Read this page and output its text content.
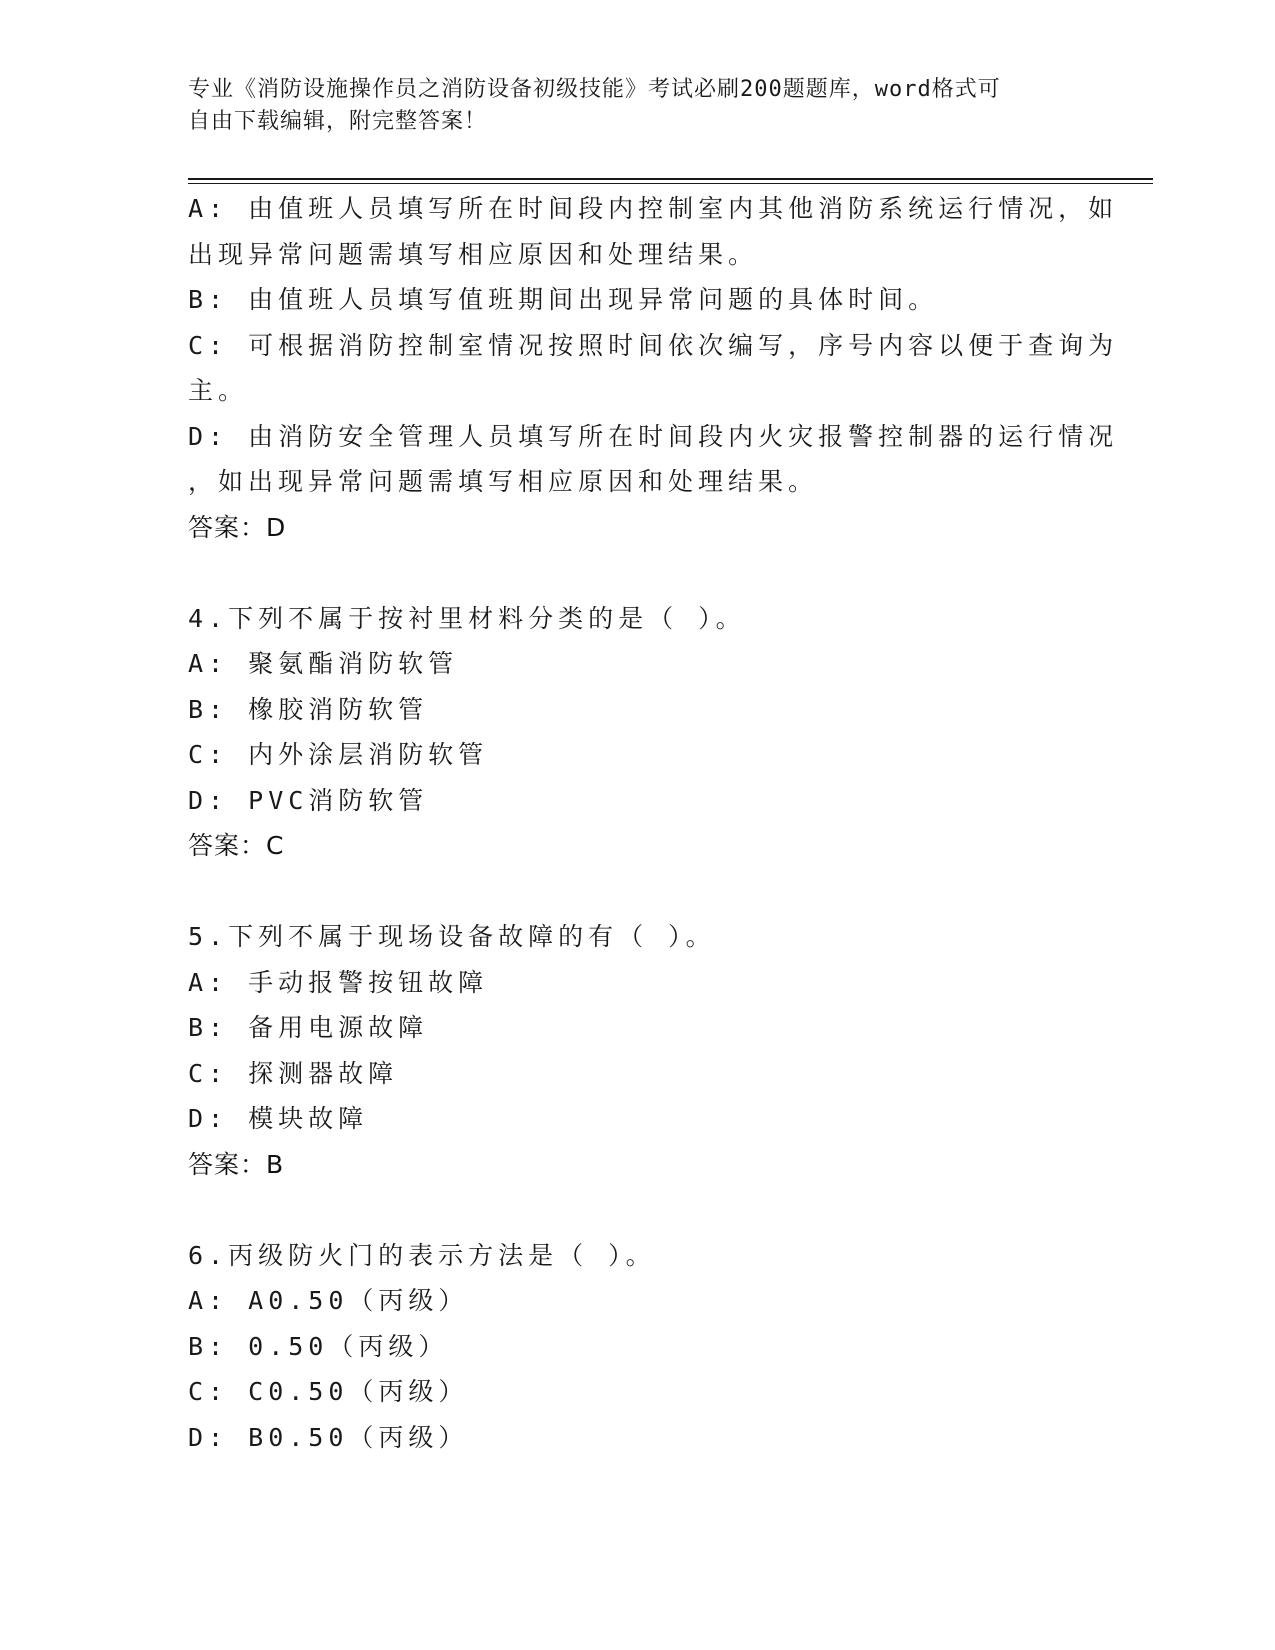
专业《消防设施操作员之消防设备初级技能》考试必刷200题题库，word格式可
自由下载编辑，附完整答案！
A: 由值班人员填写所在时间段内控制室内其他消防系统运行情况，如
出现异常问题需填写相应原因和处理结果。
B: 由值班人员填写值班期间出现异常问题的具体时间。
C: 可根据消防控制室情况按照时间依次编写，序号内容以便于查询为
主。
D: 由消防安全管理人员填写所在时间段内火灾报警控制器的运行情况
，如出现异常问题需填写相应原因和处理结果。
答案：D
4.下列不属于按衬里材料分类的是（ ）。
A: 聚氨酯消防软管
B: 橡胶消防软管
C: 内外涂层消防软管
D: PVC消防软管
答案：C
5.下列不属于现场设备故障的有（ ）。
A: 手动报警按钮故障
B: 备用电源故障
C: 探测器故障
D: 模块故障
答案：B
6.丙级防火门的表示方法是（ ）。
A: A0.50（丙级）
B: 0.50（丙级）
C: C0.50（丙级）
D: B0.50（丙级）
